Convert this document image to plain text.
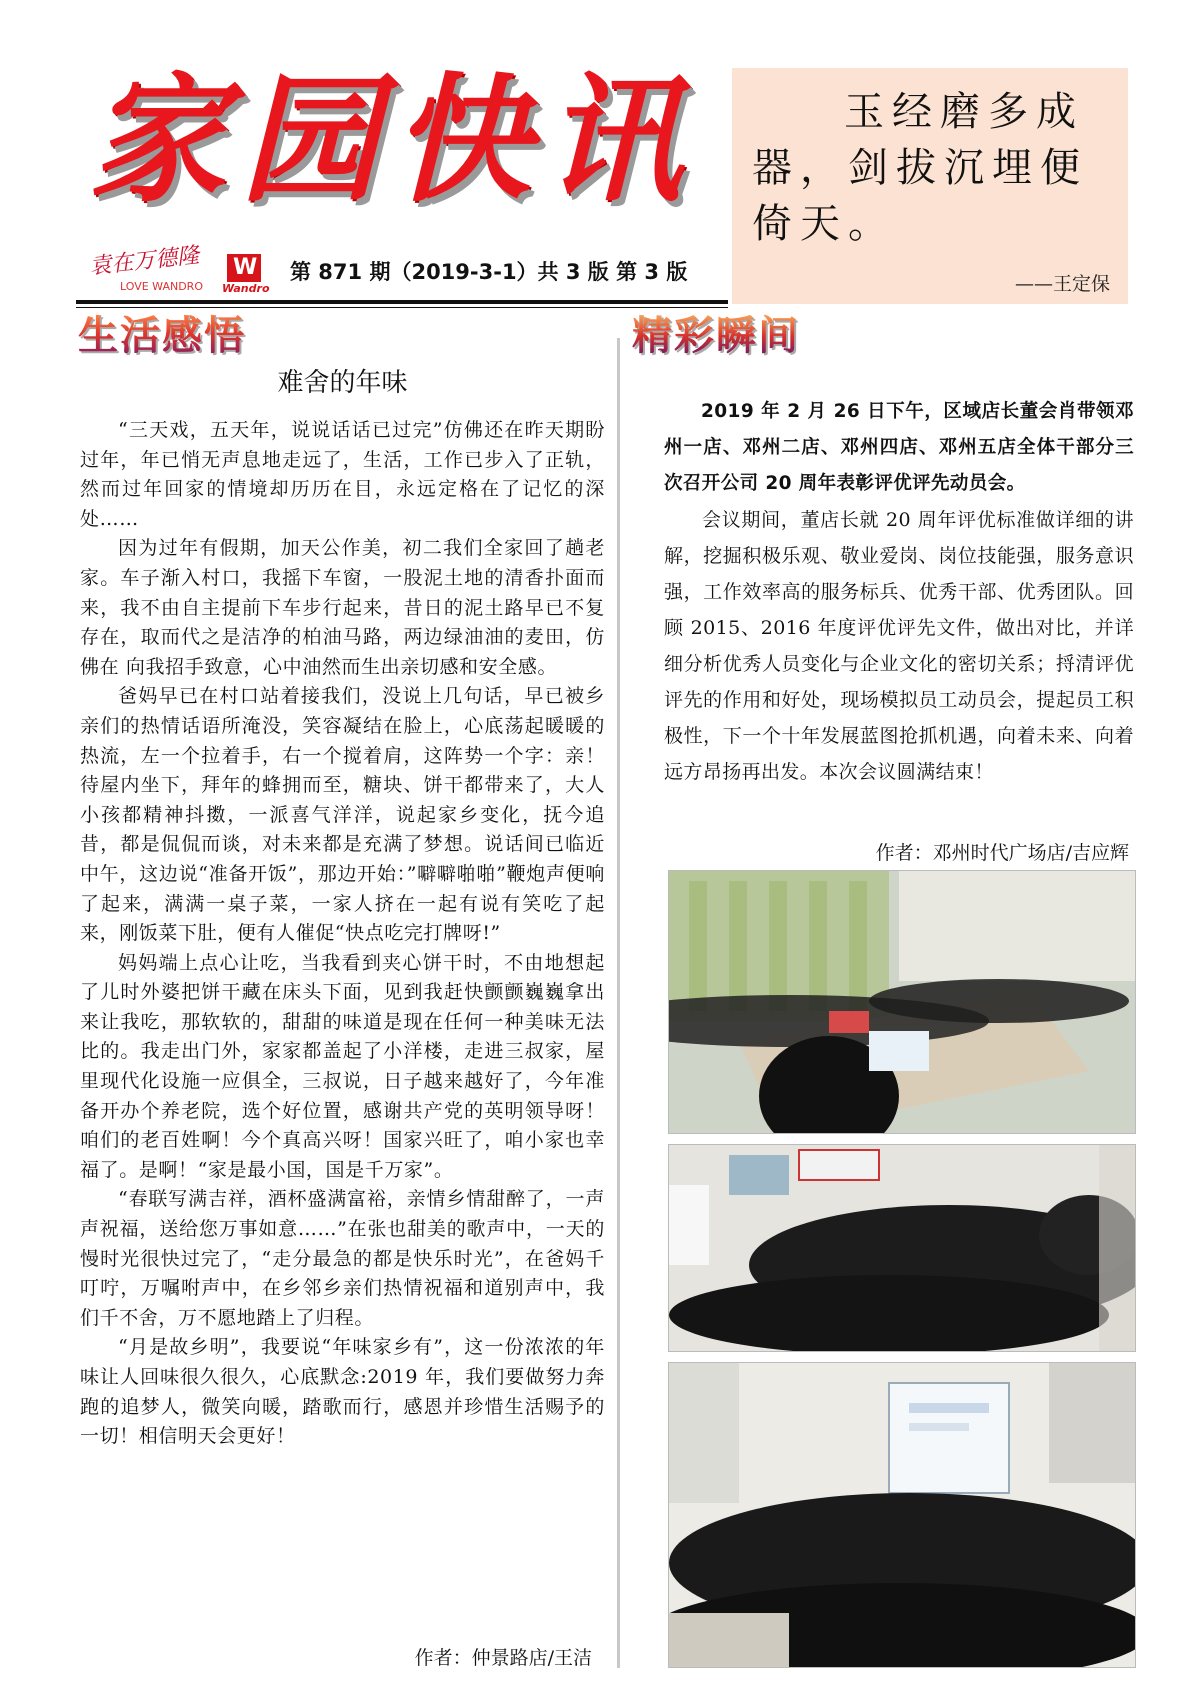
家园快讯
袁在万德隆
LOVE WANDRO
W
Wandro
第 871 期（2019-3-1）共 3 版 第 3 版
玉经磨多成器，剑拔沉埋便倚天。
——王定保
生活感悟	精彩瞬间
难舍的年味

“三天戏，五天年，说说话话已过完”仿佛还在昨天期盼过年，年已悄无声息地走远了，生活，工作已步入了正轨，然而过年回家的情境却历历在目，永远定格在了记忆的深处……

因为过年有假期，加天公作美，初二我们全家回了趟老家。车子渐入村口，我摇下车窗，一股泥土地的清香扑面而来，我不由自主提前下车步行起来，昔日的泥土路早已不复存在，取而代之是洁净的柏油马路，两边绿油油的麦田，仿佛在 向我招手致意，心中油然而生出亲切感和安全感。

爸妈早已在村口站着接我们，没说上几句话，早已被乡亲们的热情话语所淹没，笑容凝结在脸上，心底荡起暖暖的热流，左一个拉着手，右一个搅着肩，这阵势一个字：亲！待屋内坐下，拜年的蜂拥而至，糖块、饼干都带来了，大人小孩都精神抖擞，一派喜气洋洋，说起家乡变化，抚今追昔，都是侃侃而谈，对未来都是充满了梦想。说话间已临近中午，这边说“准备开饭”，那边开始：”噼噼啪啪”鞭炮声便响了起来，满满一桌子菜，一家人挤在一起有说有笑吃了起来，刚饭菜下肚，便有人催促“快点吃完打牌呀!”

妈妈端上点心让吃，当我看到夹心饼干时，不由地想起了儿时外婆把饼干藏在床头下面，见到我赶快颤颤巍巍拿出来让我吃，那软软的，甜甜的味道是现在任何一种美味无法比的。我走出门外，家家都盖起了小洋楼，走进三叔家，屋里现代化设施一应俱全，三叔说，日子越来越好了，今年准备开办个养老院，选个好位置，感谢共产党的英明领导呀！咱们的老百姓啊！今个真高兴呀！国家兴旺了，咱小家也幸福了。是啊！“家是最小国，国是千万家”。

“春联写满吉祥，酒杯盛满富裕，亲情乡情甜醉了，一声声祝福，送给您万事如意……”在张也甜美的歌声中，一天的慢时光很快过完了，“走分最急的都是快乐时光”，在爸妈千叮咛，万嘱咐声中，在乡邻乡亲们热情祝福和道别声中，我们千不舍，万不愿地踏上了归程。

“月是故乡明”，我要说“年味家乡有”，这一份浓浓的年味让人回味很久很久，心底默念:2019 年，我们要做努力奔跑的追梦人，微笑向暖，踏歌而行，感恩并珍惜生活赐予的一切！相信明天会更好！

作者：仲景路店/王洁

2019 年 2 月 26 日下午，区域店长董会肖带领邓州一店、邓州二店、邓州四店、邓州五店全体干部分三次召开公司 20 周年表彰评优评先动员会。

会议期间，董店长就 20 周年评优标准做详细的讲解，挖掘积极乐观、敬业爱岗、岗位技能强，服务意识强，工作效率高的服务标兵、优秀干部、优秀团队。回顾 2015、2016 年度评优评先文件，做出对比，并详细分析优秀人员变化与企业文化的密切关系；捋清评优评先的作用和好处，现场模拟员工动员会，提起员工积极性，下一个十年发展蓝图抢抓机遇，向着未来、向着远方昂扬再出发。本次会议圆满结束！

作者：邓州时代广场店/吉应辉
